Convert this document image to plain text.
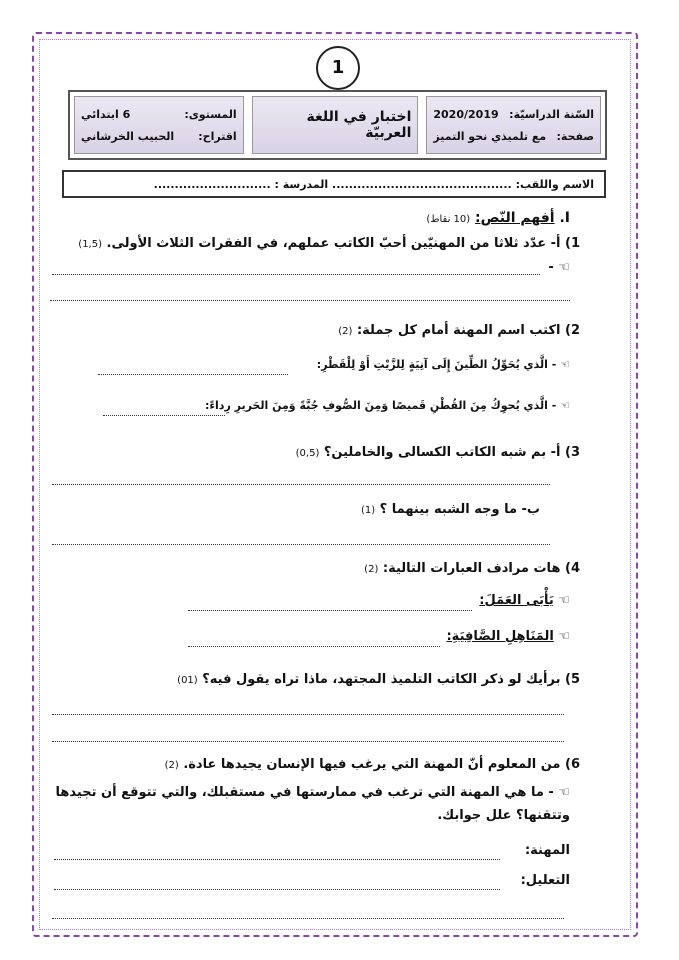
1
السّنة الدراسيّة:
2020/2019
صفحة:
مع تلميذي نحو التميز
اختبار في اللغة العربيّة
المستوى:
6 ابتدائي
اقتراح:
الحبيب الخرشاني
الاسم واللقب: ........................................... المدرسة : ............................
I. أفهم النّص: (10 نقاط)
1) أ- عدّد ثلاثا من المهنيّين أحبّ الكاتب عملهم، في الفقرات الثلاث الأولى. (1,5)
☜ -
2) اكتب اسم المهنة أمام كل جملة: (2)
☜ - الَّذي يُحَوِّلُ الطِّينَ إِلَى آنِيَةٍ لِلزَّيْتِ أَوْ لِلْقَطْرِ:
☜ - الَّذي يُحوِكُ مِنَ القُطْنِ قَميصًا وَمِنَ الصُّوفِ جُبَّةً وَمِنَ الحَريرِ رِداءً:
3) أ- بم شبه الكاتب الكسالى والخاملين؟ (0,5)
ب- ما وجه الشبه بينهما ؟ (1)
4) هات مرادف العبارات التالية: (2)
☜ يَأْبَى العَمَلَ:
☜ المَنَاهِلِ الصَّافِيَةِ:
5) برأيك لو ذكر الكاتب التلميذ المجتهد، ماذا تراه يقول فيه؟ (01)
6) من المعلوم أنّ المهنة التي يرغب فيها الإنسان يجيدها عادة. (2)
☜ - ما هي المهنة التي ترغب في ممارستها في مستقبلك، والتي تتوقع أن تجيدها
وتتقنها؟ علل جوابك.
المهنة:
التعليل:
